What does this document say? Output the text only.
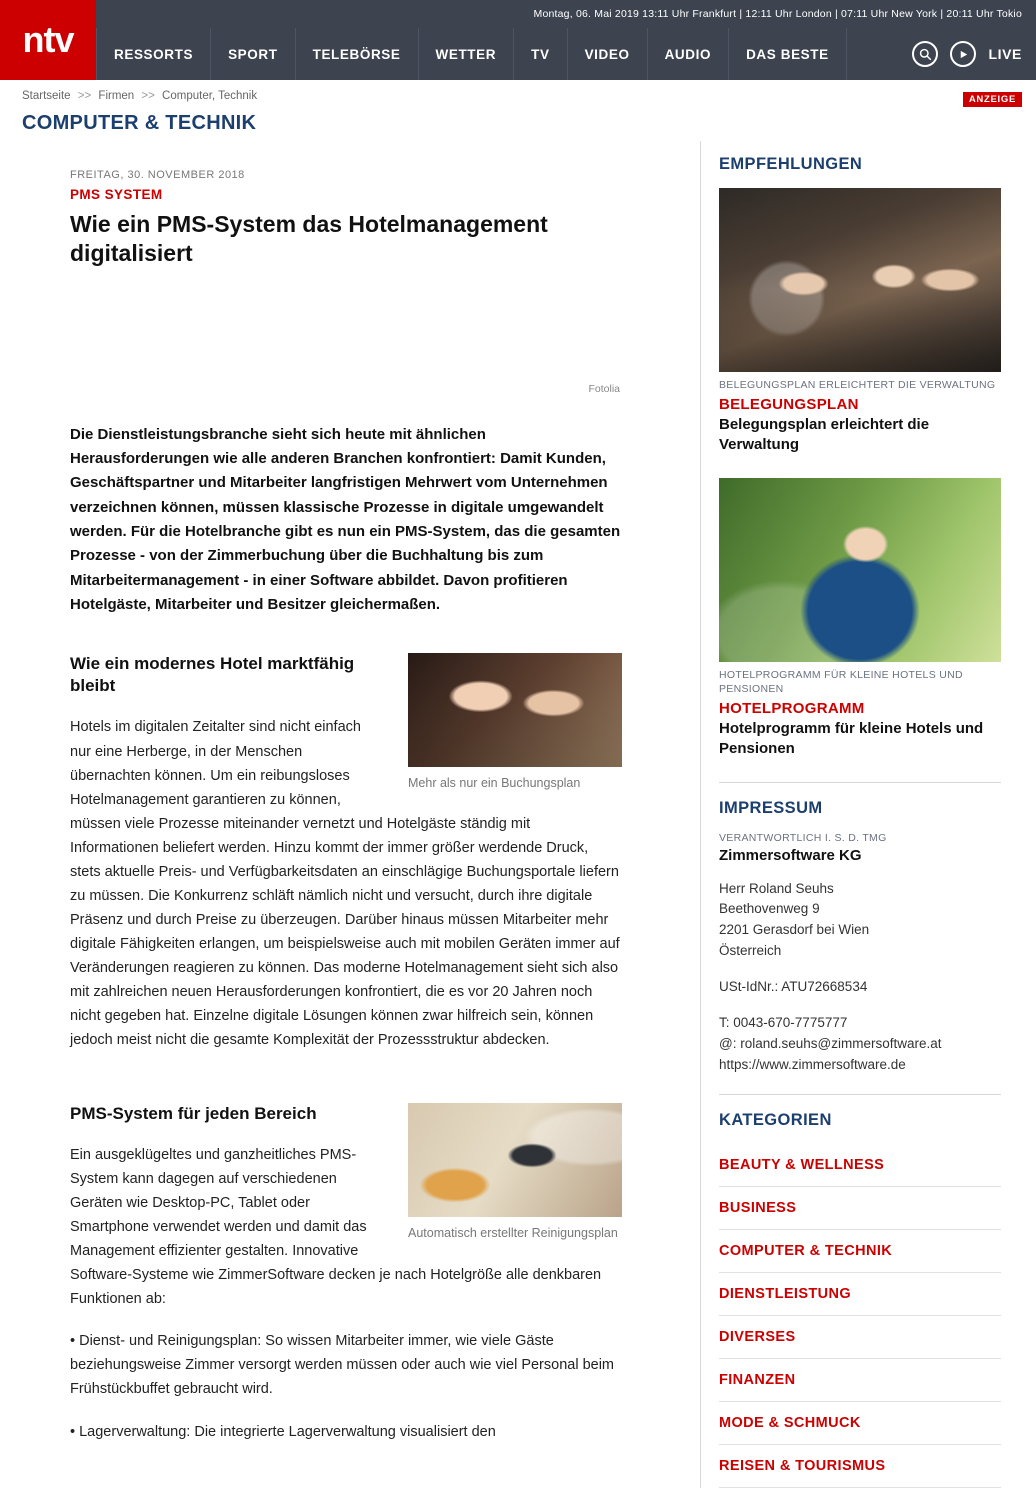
Montag, 06. Mai 2019 13:11 Uhr Frankfurt | 12:11 Uhr London | 07:11 Uhr New York | 20:11 Uhr Tokio
ntv	RESSORTS	SPORT	TELEBÖRSE	WETTER	TV	VIDEO	AUDIO	DAS BESTE	LIVE
Startseite >> Firmen >> Computer, Technik	ANZEIGE
COMPUTER & TECHNIK
FREITAG, 30. NOVEMBER 2018
PMS SYSTEM
Wie ein PMS-System das Hotelmanagement digitalisiert
Fotolia

Die Dienstleistungsbranche sieht sich heute mit ähnlichen Herausforderungen wie alle anderen Branchen konfrontiert: Damit Kunden, Geschäftspartner und Mitarbeiter langfristigen Mehrwert vom Unternehmen verzeichnen können, müssen klassische Prozesse in digitale umgewandelt werden. Für die Hotelbranche gibt es nun ein PMS-System, das die gesamten Prozesse - von der Zimmerbuchung über die Buchhaltung bis zum Mitarbeitermanagement - in einer Software abbildet. Davon profitieren Hotelgäste, Mitarbeiter und Besitzer gleichermaßen.

Mehr als nur ein Buchungsplan
Wie ein modernes Hotel marktfähig bleibt

Hotels im digitalen Zeitalter sind nicht einfach nur eine Herberge, in der Menschen übernachten können. Um ein reibungsloses Hotelmanagement garantieren zu können, müssen viele Prozesse miteinander vernetzt und Hotelgäste ständig mit Informationen beliefert werden. Hinzu kommt der immer größer werdende Druck, stets aktuelle Preis- und Verfügbarkeitsdaten an einschlägige Buchungsportale liefern zu müssen. Die Konkurrenz schläft nämlich nicht und versucht, durch ihre digitale Präsenz und durch Preise zu überzeugen. Darüber hinaus müssen Mitarbeiter mehr digitale Fähigkeiten erlangen, um beispielsweise auch mit mobilen Geräten immer auf Veränderungen reagieren zu können. Das moderne Hotelmanagement sieht sich also mit zahlreichen neuen Herausforderungen konfrontiert, die es vor 20 Jahren noch nicht gegeben hat. Einzelne digitale Lösungen können zwar hilfreich sein, können jedoch meist nicht die gesamte Komplexität der Prozessstruktur abdecken.

Automatisch erstellter Reinigungsplan
PMS-System für jeden Bereich

Ein ausgeklügeltes und ganzheitliches PMS-System kann dagegen auf verschiedenen Geräten wie Desktop-PC, Tablet oder Smartphone verwendet werden und damit das Management effizienter gestalten. Innovative Software-Systeme wie ZimmerSoftware decken je nach Hotelgröße alle denkbaren Funktionen ab:

• Dienst- und Reinigungsplan: So wissen Mitarbeiter immer, wie viele Gäste beziehungsweise Zimmer versorgt werden müssen oder auch wie viel Personal beim Frühstückbuffet gebraucht wird.

• Lagerverwaltung: Die integrierte Lagerverwaltung visualisiert den

EMPFEHLUNGEN
BELEGUNGSPLAN ERLEICHTERT DIE VERWALTUNG
BELEGUNGSPLAN
Belegungsplan erleichtert die Verwaltung
HOTELPROGRAMM FÜR KLEINE HOTELS UND PENSIONEN
HOTELPROGRAMM
Hotelprogramm für kleine Hotels und Pensionen
IMPRESSUM
VERANTWORTLICH I. S. D. TMG
Zimmersoftware KG
Herr Roland Seuhs
Beethovenweg 9
2201 Gerasdorf bei Wien
Österreich
USt-IdNr.: ATU72668534
T: 0043-670-7775777
@: roland.seuhs@zimmersoftware.at
https://www.zimmersoftware.de
KATEGORIEN
BEAUTY & WELLNESS
BUSINESS
COMPUTER & TECHNIK
DIENSTLEISTUNG
DIVERSES
FINANZEN
MODE & SCHMUCK
REISEN & TOURISMUS
